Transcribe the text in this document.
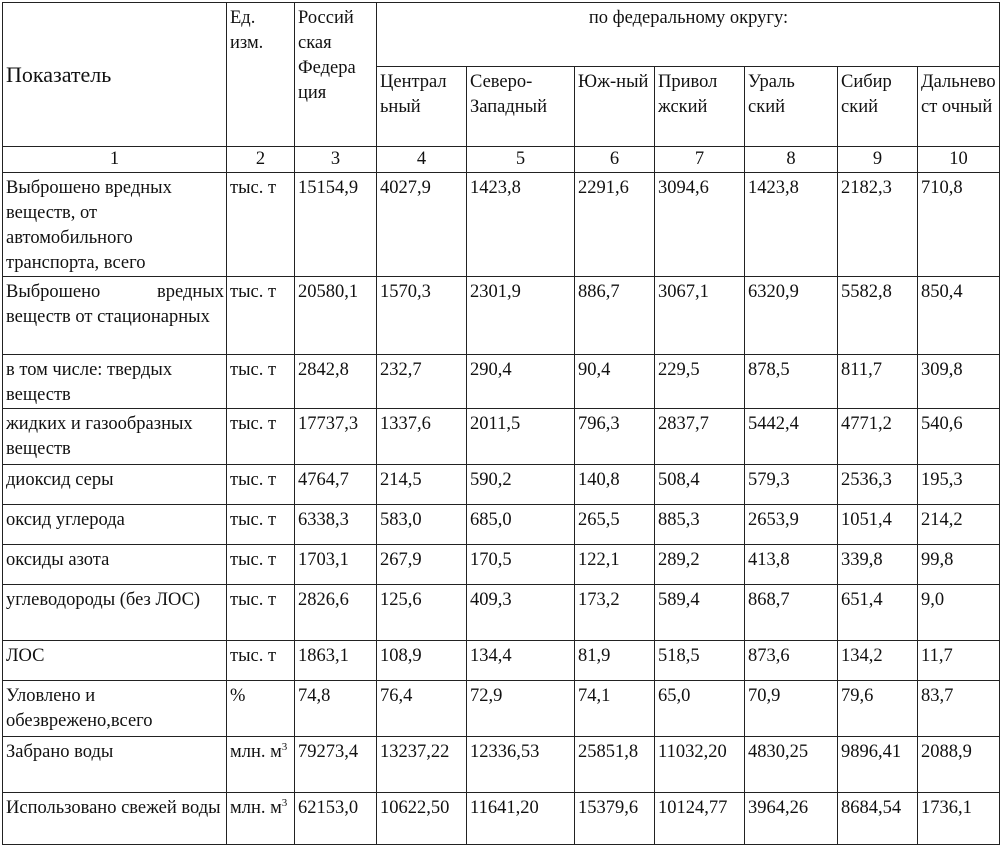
Показатель	Ед. изм.	Россий ская Федера ция	по федеральному округу:						
			Централ ьный	Северо-Западный	Юж-ный	Привол жский	Ураль ский	Сибир ский	Дальневост очный
1	2	3	4	5	6	7	8	9	10
Выброшено вредных веществ, от автомобильного транспорта, всего	тыс. т	15154,9	4027,9	1423,8	2291,6	3094,6	1423,8	2182,3	710,8
Выброшено вредных веществ от стационарных	тыс. т	20580,1	1570,3	2301,9	886,7	3067,1	6320,9	5582,8	850,4
в том числе: твердых веществ	тыс. т	2842,8	232,7	290,4	90,4	229,5	878,5	811,7	309,8
жидких и газообразных веществ	тыс. т	17737,3	1337,6	2011,5	796,3	2837,7	5442,4	4771,2	540,6
диоксид серы	тыс. т	4764,7	214,5	590,2	140,8	508,4	579,3	2536,3	195,3
оксид углерода	тыс. т	6338,3	583,0	685,0	265,5	885,3	2653,9	1051,4	214,2
оксиды азота	тыс. т	1703,1	267,9	170,5	122,1	289,2	413,8	339,8	99,8
углеводороды (без ЛОС)	тыс. т	2826,6	125,6	409,3	173,2	589,4	868,7	651,4	9,0
ЛОС	тыс. т	1863,1	108,9	134,4	81,9	518,5	873,6	134,2	11,7
Уловлено и обезврежено,всего	%	74,8	76,4	72,9	74,1	65,0	70,9	79,6	83,7
Забрано воды	млн. $м^3$	79273,4	13237,22	12336,53	25851,8	11032,20	4830,25	9896,41	2088,9
Использовано свежей воды	млн. $м^3$	62153,0	10622,50	11641,20	15379,6	10124,77	3964,26	8684,54	1736,1
